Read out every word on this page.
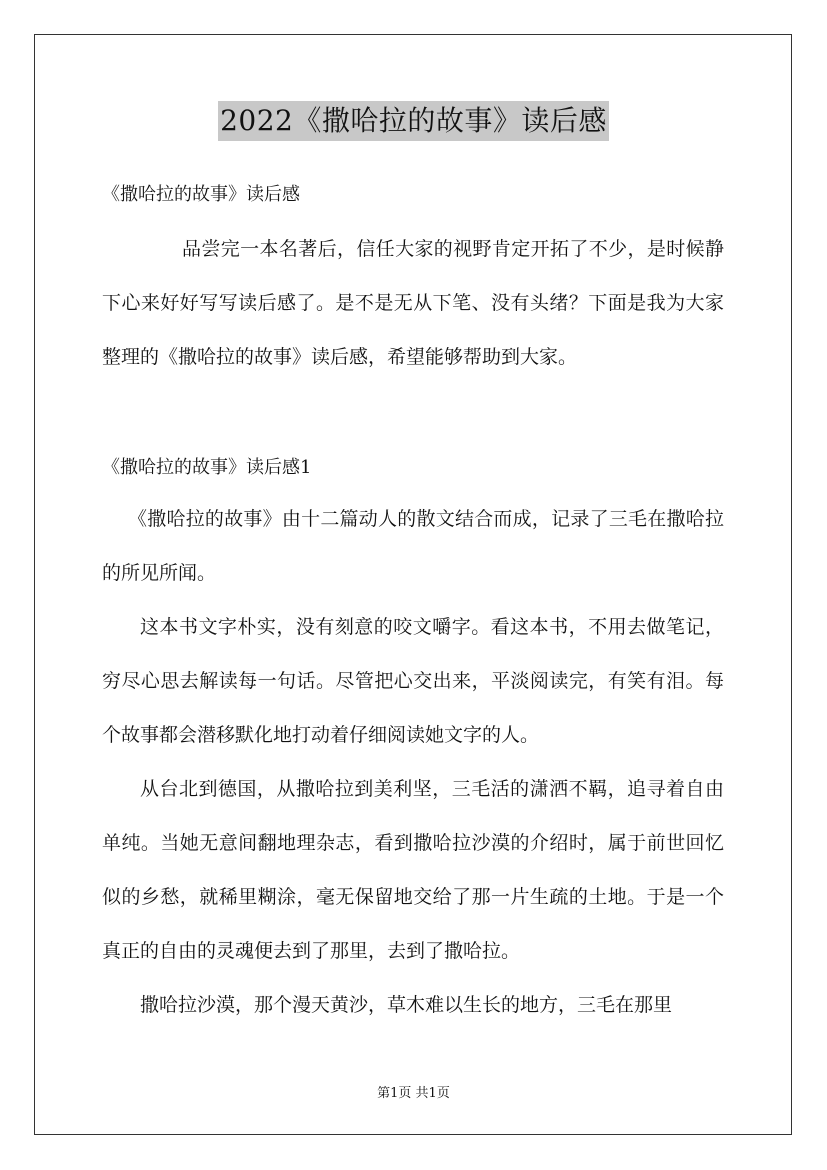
2022《撒哈拉的故事》读后感
《撒哈拉的故事》读后感

品尝完一本名著后，信任大家的视野肯定开拓了不少，是时候静下心来好好写写读后感了。是不是无从下笔、没有头绪？下面是我为大家整理的《撒哈拉的故事》读后感，希望能够帮助到大家。

《撒哈拉的故事》读后感1

《撒哈拉的故事》由十二篇动人的散文结合而成，记录了三毛在撒哈拉的所见所闻。

这本书文字朴实，没有刻意的咬文嚼字。看这本书，不用去做笔记，穷尽心思去解读每一句话。尽管把心交出来，平淡阅读完，有笑有泪。每个故事都会潜移默化地打动着仔细阅读她文字的人。

从台北到德国，从撒哈拉到美利坚，三毛活的潇洒不羁，追寻着自由单纯。当她无意间翻地理杂志，看到撒哈拉沙漠的介绍时，属于前世回忆似的乡愁，就稀里糊涂，毫无保留地交给了那一片生疏的土地。于是一个真正的自由的灵魂便去到了那里，去到了撒哈拉。

撒哈拉沙漠，那个漫天黄沙，草木难以生长的地方，三毛在那里

第1页 共1页
